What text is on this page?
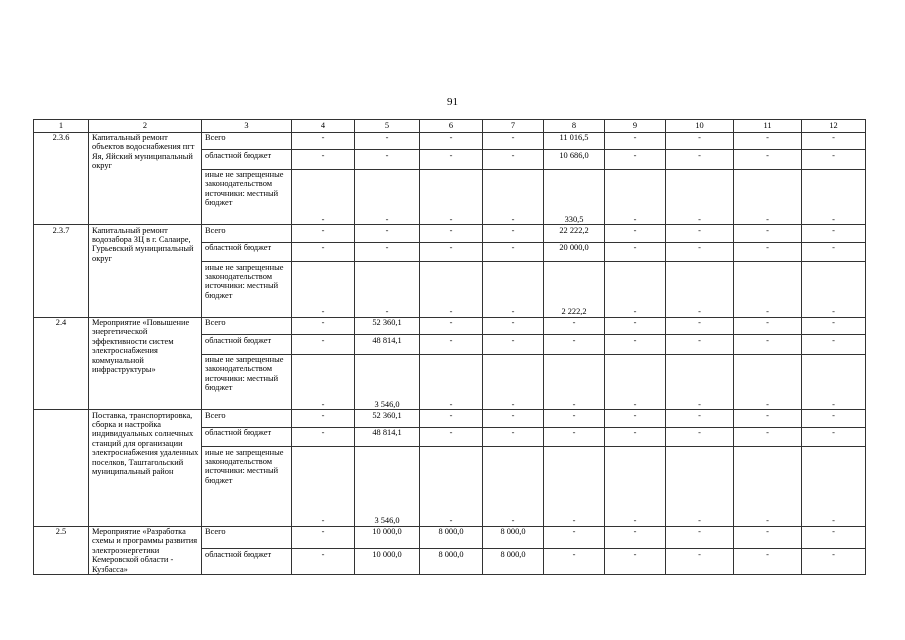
91
1	2	3	4	5	6	7	8	9	10	11	12
2.3.6	Капитальный ремонт объектов водоснабжения пгт Яя, Яйский муниципальный округ	Всего	-	-	-	-	11 016,5	-	-	-	-
		областной бюджет	-	-	-	-	10 686,0	-	-	-	-
		иные не запрещенные законодательством источники: местный бюджет	-	-	-	-	330,5	-	-	-	-
2.3.7	Капитальный ремонт водозабора ЗЦ в г. Салаире, Гурьевский муниципальный округ	Всего	-	-	-	-	22 222,2	-	-	-	-
		областной бюджет	-	-	-	-	20 000,0	-	-	-	-
		иные не запрещенные законодательством источники: местный бюджет	-	-	-	-	2 222,2	-	-	-	-
2.4	Мероприятие «Повышение энергетической эффективности систем электроснабжения коммунальной инфраструктуры»	Всего	-	52 360,1	-	-	-	-	-	-	-
		областной бюджет	-	48 814,1	-	-	-	-	-	-	-
		иные не запрещенные законодательством источники: местный бюджет	-	3 546,0	-	-	-	-	-	-	-
	Поставка, транспортировка, сборка и настройка индивидуальных солнечных станций для организации электроснабжения удаленных поселков, Таштагольский муниципальный район	Всего	-	52 360,1	-	-	-	-	-	-	-
		областной бюджет	-	48 814,1	-	-	-	-	-	-	-
		иные не запрещенные законодательством источники: местный бюджет	-	3 546,0	-	-	-	-	-	-	-
2.5	Мероприятие «Разработка схемы и программы развития электроэнергетики Кемеровской области - Кузбасса»	Всего	-	10 000,0	8 000,0	8 000,0	-	-	-	-	-
		областной бюджет	-	10 000,0	8 000,0	8 000,0	-	-	-	-	-
